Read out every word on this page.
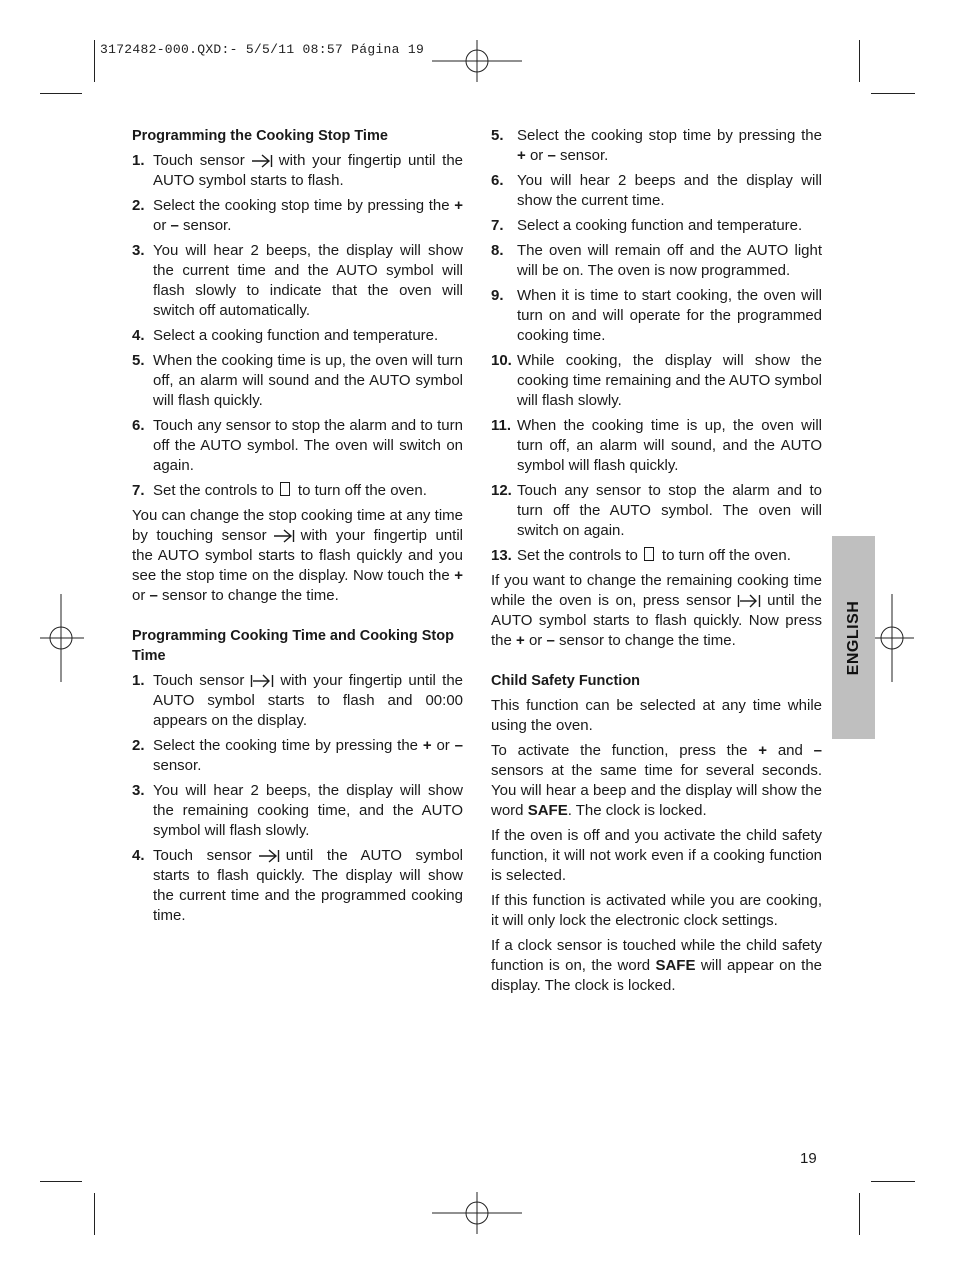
3172482-000.QXD:- 5/5/11 08:57 Página 19
Programming the Cooking Stop Time
1. Touch sensor with your fingertip until the AUTO symbol starts to flash.
2. Select the cooking stop time by pressing the + or – sensor.
3. You will hear 2 beeps, the display will show the current time and the AUTO symbol will flash slowly to indicate that the oven will switch off automatically.
4. Select a cooking function and temperature.
5. When the cooking time is up, the oven will turn off, an alarm will sound and the AUTO symbol will flash quickly.
6. Touch any sensor to stop the alarm and to turn off the AUTO symbol. The oven will switch on again.
7. Set the controls to to turn off the oven.

You can change the stop cooking time at any time by touching sensor with your fingertip until the AUTO symbol starts to flash quickly and you see the stop time on the display. Now touch the + or – sensor to change the time.

Programming Cooking Time and Cooking Stop Time
1. Touch sensor with your fingertip until the AUTO symbol starts to flash and 00:00 appears on the display.
2. Select the cooking time by pressing the + or – sensor.
3. You will hear 2 beeps, the display will show the remaining cooking time, and the AUTO symbol will flash slowly.
4. Touch sensor until the AUTO symbol starts to flash quickly. The display will show the current time and the programmed cooking time.
5. Select the cooking stop time by pressing the + or – sensor.
6. You will hear 2 beeps and the display will show the current time.
7. Select a cooking function and temperature.
8. The oven will remain off and the AUTO light will be on. The oven is now programmed.
9. When it is time to start cooking, the oven will turn on and will operate for the programmed cooking time.
10. While cooking, the display will show the cooking time remaining and the AUTO symbol will flash slowly.
11. When the cooking time is up, the oven will turn off, an alarm will sound, and the AUTO symbol will flash quickly.
12. Touch any sensor to stop the alarm and to turn off the AUTO symbol. The oven will switch on again.
13. Set the controls to to turn off the oven.

If you want to change the remaining cooking time while the oven is on, press sensor until the AUTO symbol starts to flash quickly. Now press the + or – sensor to change the time.

Child Safety Function

This function can be selected at any time while using the oven.

To activate the function, press the + and – sensors at the same time for several seconds. You will hear a beep and the display will show the word SAFE. The clock is locked.

If the oven is off and you activate the child safety function, it will not work even if a cooking function is selected.

If this function is activated while you are cooking, it will only lock the electronic clock settings.

If a clock sensor is touched while the child safety function is on, the word SAFE will appear on the display. The clock is locked.

ENGLISH
19
